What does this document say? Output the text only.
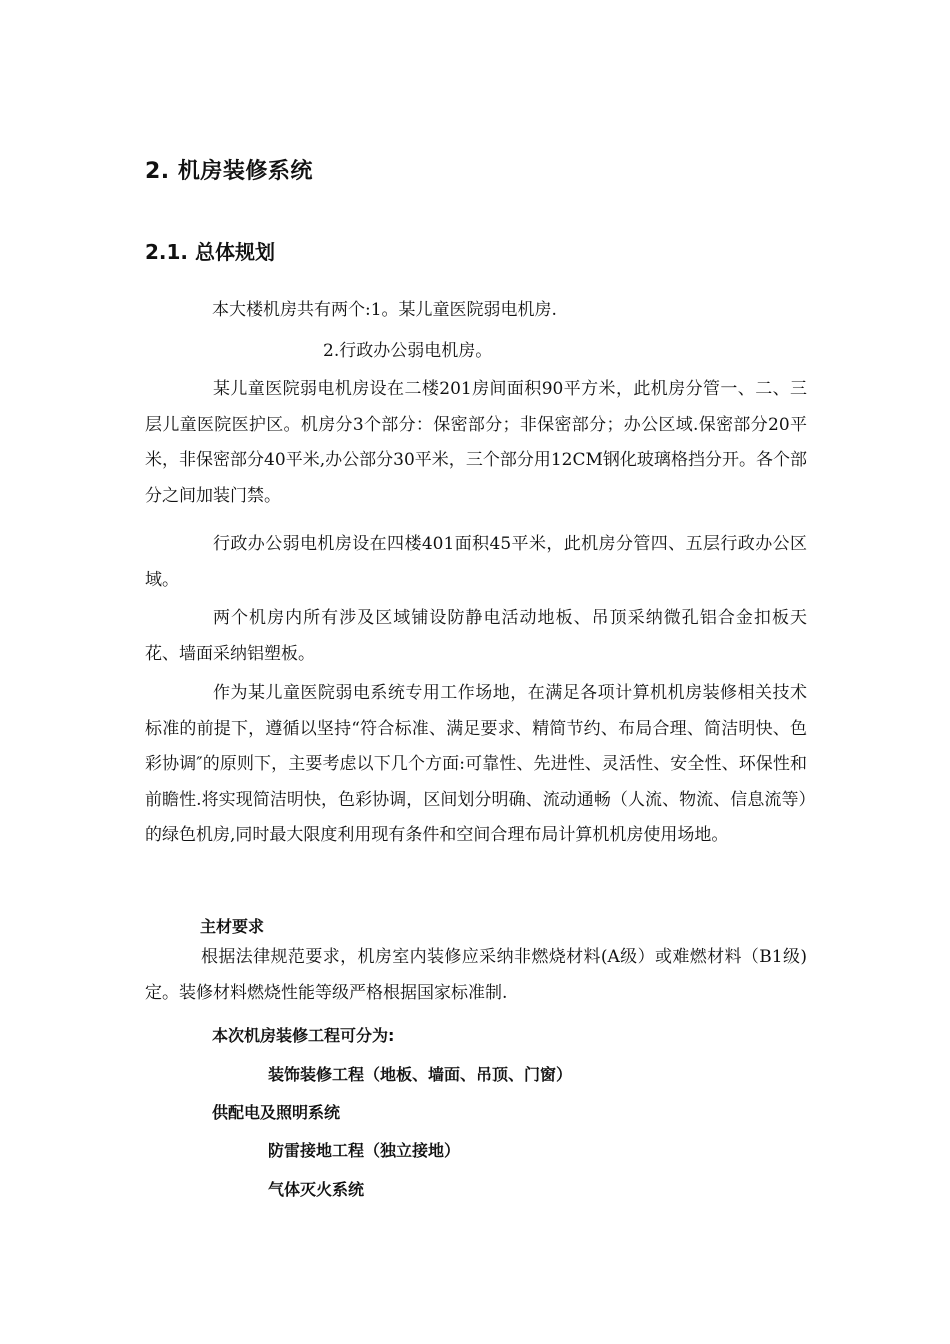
2. 机房装修系统
2.1. 总体规划
本大楼机房共有两个:1。某儿童医院弱电机房.
2.行政办公弱电机房。
某儿童医院弱电机房设在二楼201房间面积90平方米，此机房分管一、二、三层儿童医院医护区。机房分3个部分：保密部分；非保密部分；办公区域.保密部分20平米，非保密部分40平米,办公部分30平米，三个部分用12CM钢化玻璃格挡分开。各个部分之间加装门禁。
行政办公弱电机房设在四楼401面积45平米，此机房分管四、五层行政办公区域。
两个机房内所有涉及区域铺设防静电活动地板、吊顶采纳微孔铝合金扣板天花、墙面采纳铝塑板。
作为某儿童医院弱电系统专用工作场地，在满足各项计算机机房装修相关技术标准的前提下，遵循以坚持“符合标准、满足要求、精简节约、布局合理、简洁明快、色彩协调″的原则下，主要考虑以下几个方面:可靠性、先进性、灵活性、安全性、环保性和前瞻性.将实现简洁明快，色彩协调，区间划分明确、流动通畅（人流、物流、信息流等）的绿色机房,同时最大限度利用现有条件和空间合理布局计算机机房使用场地。
主材要求
根据法律规范要求，机房室内装修应采纳非燃烧材料(A级）或难燃材料（B1级)定。装修材料燃烧性能等级严格根据国家标准制.
本次机房装修工程可分为:
装饰装修工程（地板、墙面、吊顶、门窗）
供配电及照明系统
防雷接地工程（独立接地）
气体灭火系统
